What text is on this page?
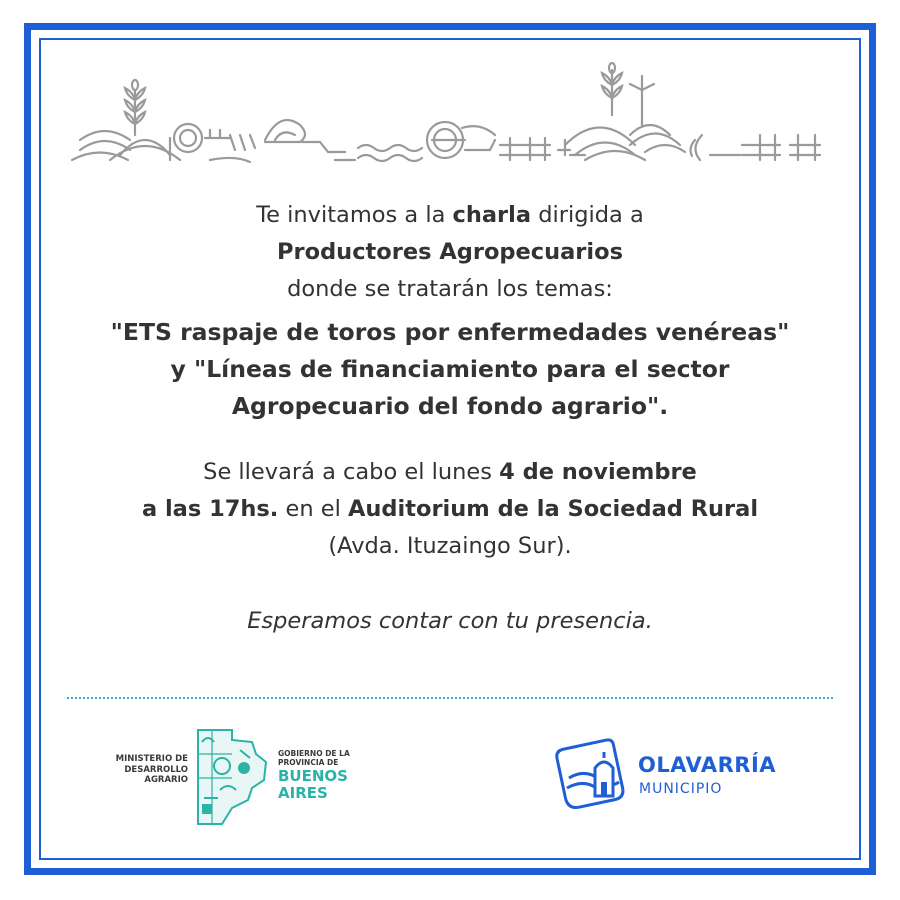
Te invitamos a la charla dirigida a
Productores Agropecuarios
donde se tratarán los temas:
"ETS raspaje de toros por enfermedades venéreas"
y "Líneas de financiamiento para el sector
Agropecuario del fondo agrario".
Se llevará a cabo el lunes 4 de noviembre
a las 17hs. en el Auditorium de la Sociedad Rural
(Avda. Ituzaingo Sur).
Esperamos contar con tu presencia.
MINISTERIO DE
DESARROLLO
AGRARIO
GOBIERNO DE LA
PROVINCIA DE
BUENOS
AIRES
OLAVARRÍA
MUNICIPIO
